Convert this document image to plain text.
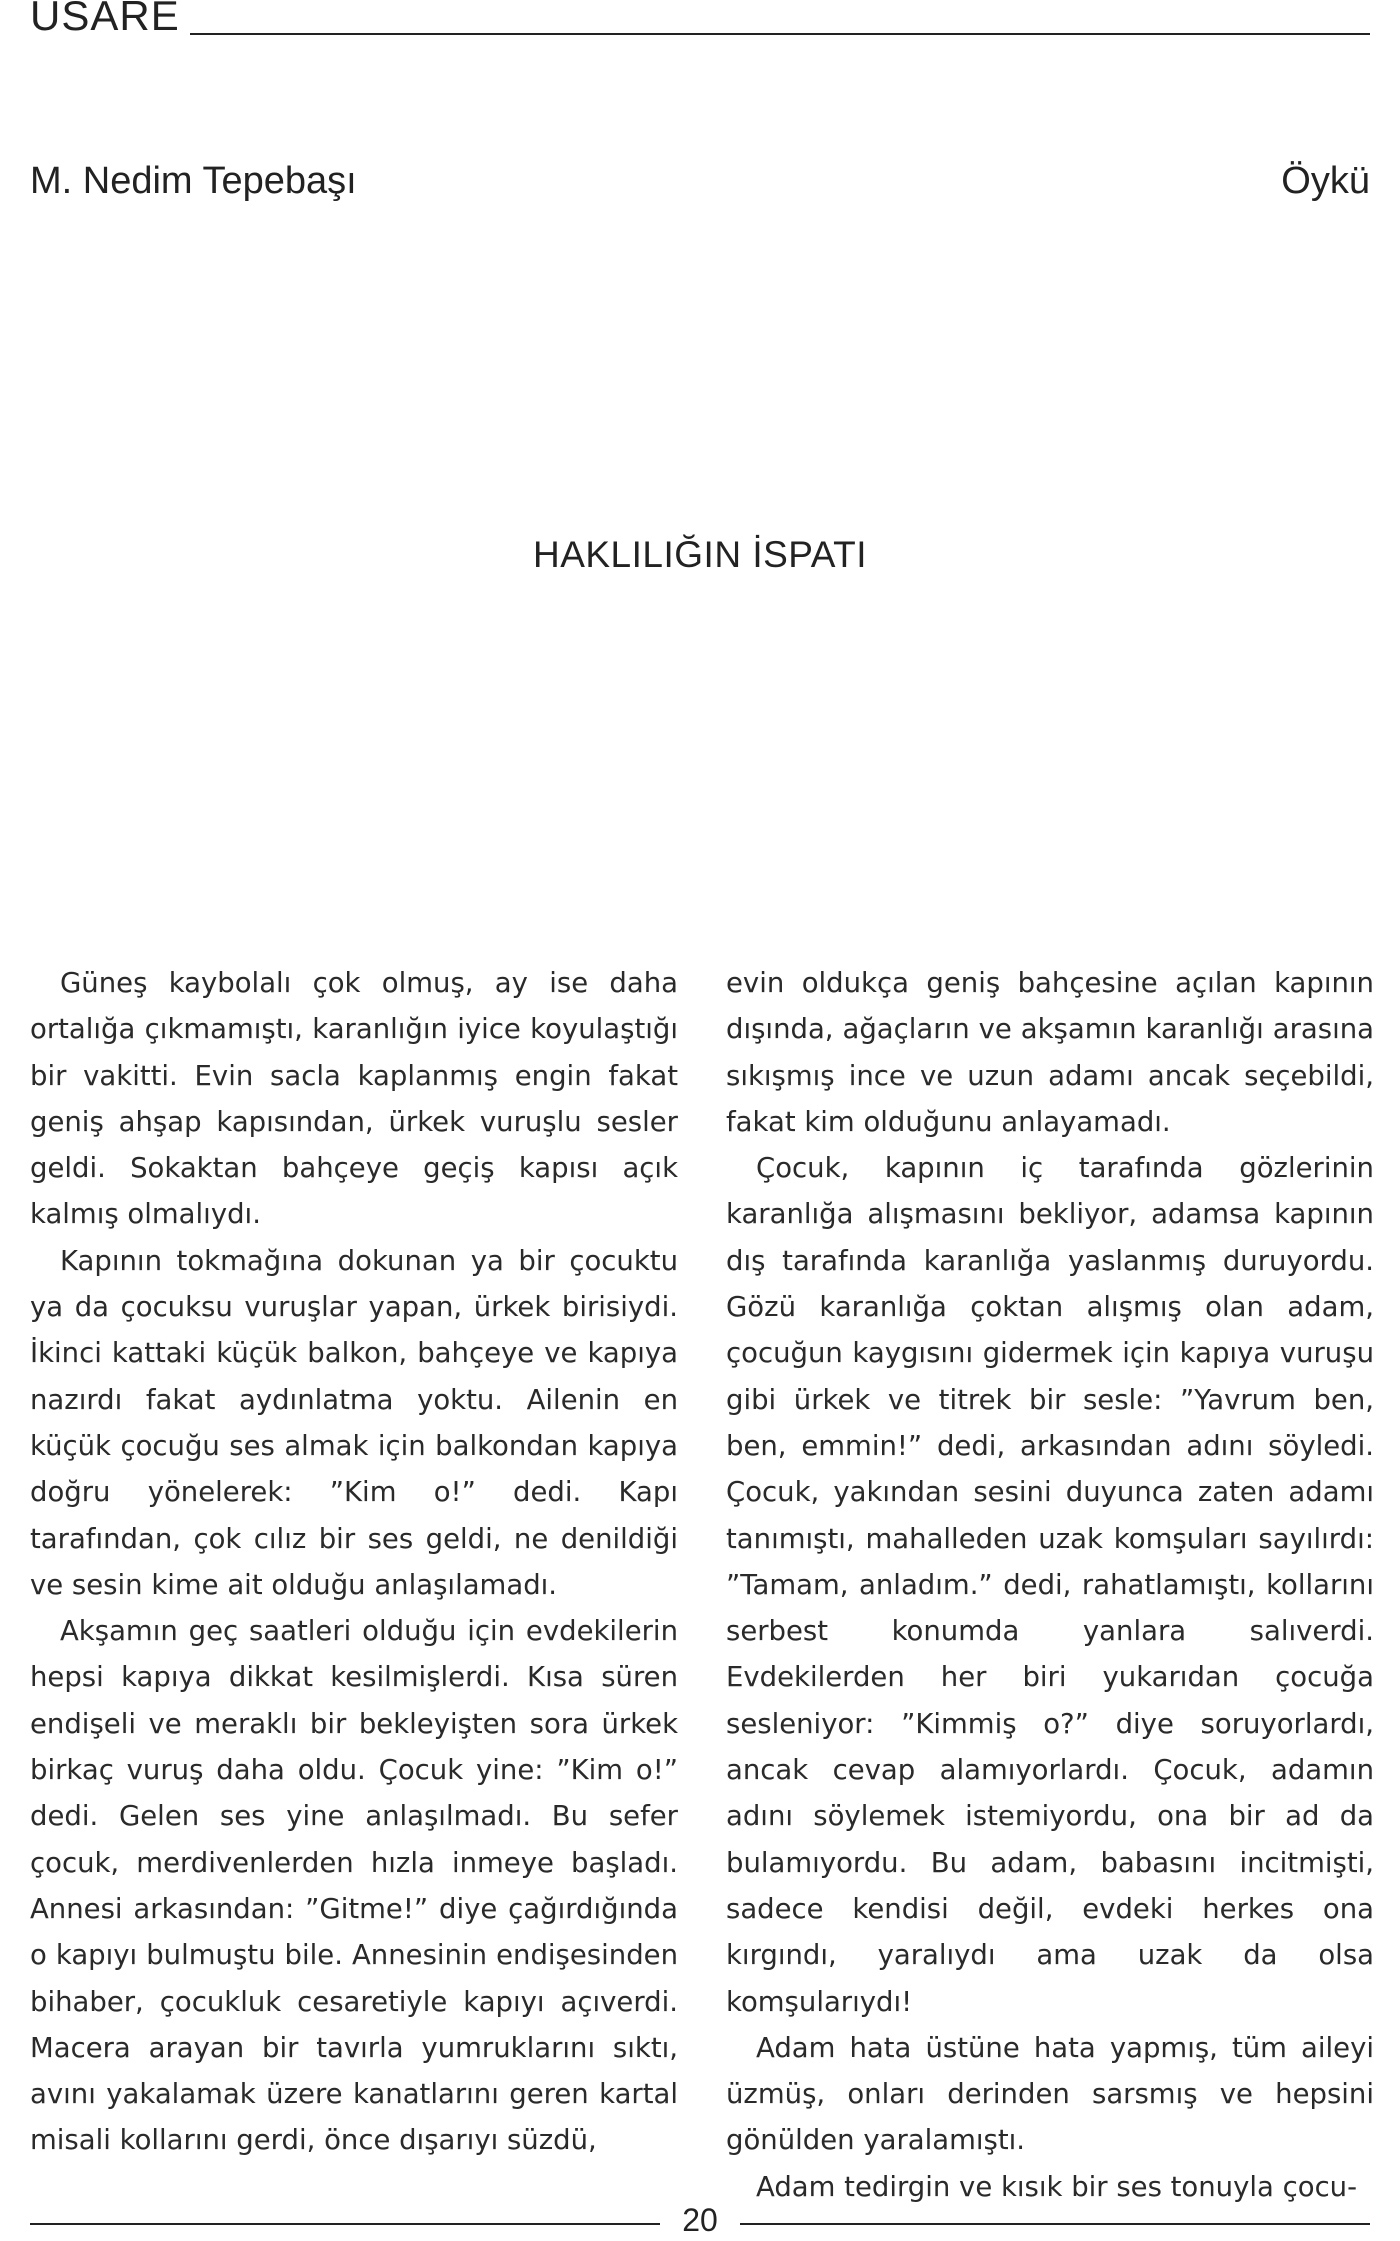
USARE
M. Nedim Tepebaşı	Öykü
HAKLILIĞIN İSPATI

Güneş kaybolalı çok olmuş, ay ise daha ortalığa çıkmamıştı, karanlığın iyice koyulaştığı bir vakitti. Evin sacla kaplanmış engin fakat geniş ahşap kapısından, ürkek vuruşlu sesler geldi. Sokaktan bahçeye geçiş kapısı açık kalmış olmalıydı.

Kapının tokmağına dokunan ya bir çocuktu ya da çocuksu vuruşlar yapan, ürkek birisiydi. İkinci kattaki küçük balkon, bahçeye ve kapıya nazırdı fakat aydınlatma yoktu. Ailenin en küçük çocuğu ses almak için balkondan kapıya doğru yönelerek: ”Kim o!” dedi. Kapı tarafından, çok cılız bir ses geldi, ne denildiği ve sesin kime ait olduğu anlaşılamadı.

Akşamın geç saatleri olduğu için evdekilerin hepsi kapıya dikkat kesilmişlerdi. Kısa süren endişeli ve meraklı bir bekleyişten sora ürkek birkaç vuruş daha oldu. Çocuk yine: ”Kim o!” dedi. Gelen ses yine anlaşılmadı. Bu sefer çocuk, merdivenlerden hızla inmeye başladı. Annesi arkasından: ”Gitme!” diye çağırdığında o kapıyı bulmuştu bile. Annesinin endişesinden bihaber, çocukluk cesaretiyle kapıyı açıverdi. Macera arayan bir tavırla yumruklarını sıktı, avını yakalamak üzere kanatlarını geren kartal misali kollarını gerdi, önce dışarıyı süzdü,

evin oldukça geniş bahçesine açılan kapının dışında, ağaçların ve akşamın karanlığı arasına sıkışmış ince ve uzun adamı ancak seçebildi, fakat kim olduğunu anlayamadı.

Çocuk, kapının iç tarafında gözlerinin karanlığa alışmasını bekliyor, adamsa kapının dış tarafında karanlığa yaslanmış duruyordu. Gözü karanlığa çoktan alışmış olan adam, çocuğun kaygısını gidermek için kapıya vuruşu gibi ürkek ve titrek bir sesle: ”Yavrum ben, ben, emmin!” dedi, arkasından adını söyledi. Çocuk, yakından sesini duyunca zaten adamı tanımıştı, mahalleden uzak komşuları sayılırdı: ”Tamam, anladım.” dedi, rahatlamıştı, kollarını serbest konumda yanlara salıverdi. Evdekilerden her biri yukarıdan çocuğa sesleniyor: ”Kimmiş o?” diye soruyorlardı, ancak cevap alamıyorlardı. Çocuk, adamın adını söylemek istemiyordu, ona bir ad da bulamıyordu. Bu adam, babasını incitmişti, sadece kendisi değil, evdeki herkes ona kırgındı, yaralıydı ama uzak da olsa komşularıydı!

Adam hata üstüne hata yapmış, tüm aileyi üzmüş, onları derinden sarsmış ve hepsini gönülden yaralamıştı.

Adam tedirgin ve kısık bir ses tonuyla çocu-

20
